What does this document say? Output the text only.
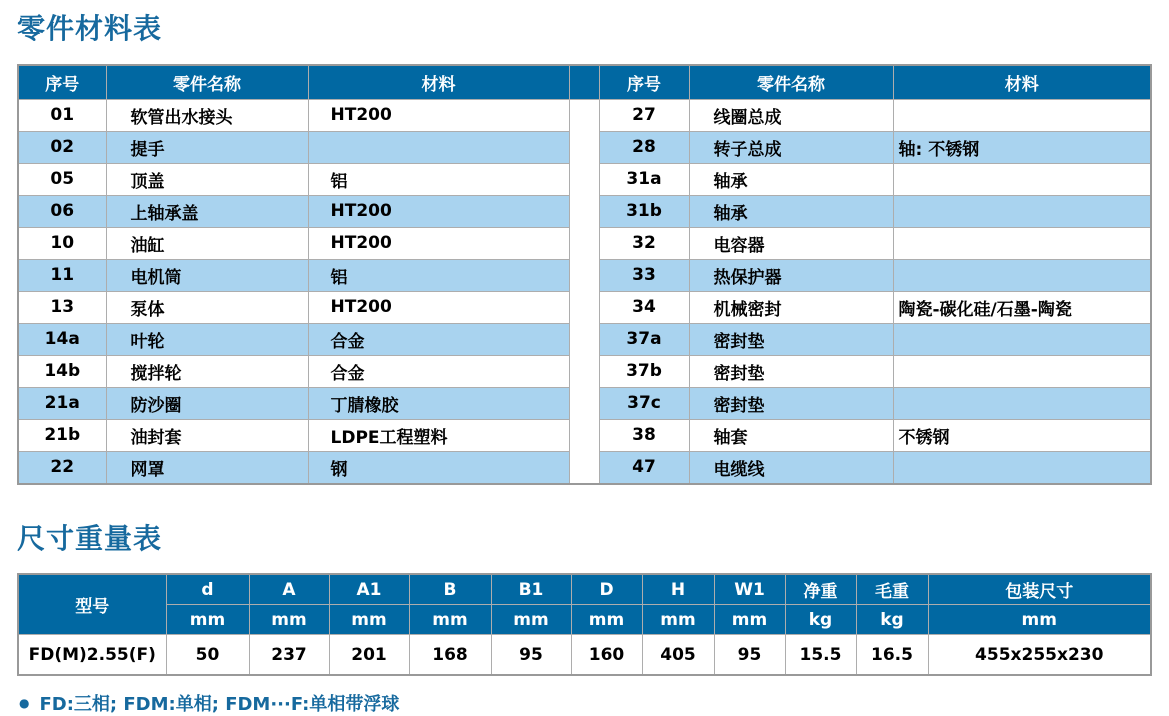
零件材料表
序号	零件名称	材料		序号	零件名称	材料
01	软管出水接头	HT200		27	线圈总成	
02	提手			28	转子总成	轴: 不锈钢
05	顶盖	铝		31a	轴承	
06	上轴承盖	HT200		31b	轴承	
10	油缸	HT200		32	电容器	
11	电机筒	铝		33	热保护器	
13	泵体	HT200		34	机械密封	陶瓷-碳化硅/石墨-陶瓷
14a	叶轮	合金		37a	密封垫	
14b	搅拌轮	合金		37b	密封垫	
21a	防沙圈	丁腈橡胶		37c	密封垫	
21b	油封套	LDPE工程塑料		38	轴套	不锈钢
22	网罩	钢		47	电缆线	
尺寸重量表
型号	d	A	A1	B	B1	D	H	W1	净重	毛重	包装尺寸
	mm	mm	mm	mm	mm	mm	mm	mm	kg	kg	mm
FD(M)2.55(F)	50	237	201	168	95	160	405	95	15.5	16.5	455x255x230
● FD:三相; FDM:单相; FDM···F:单相带浮球
